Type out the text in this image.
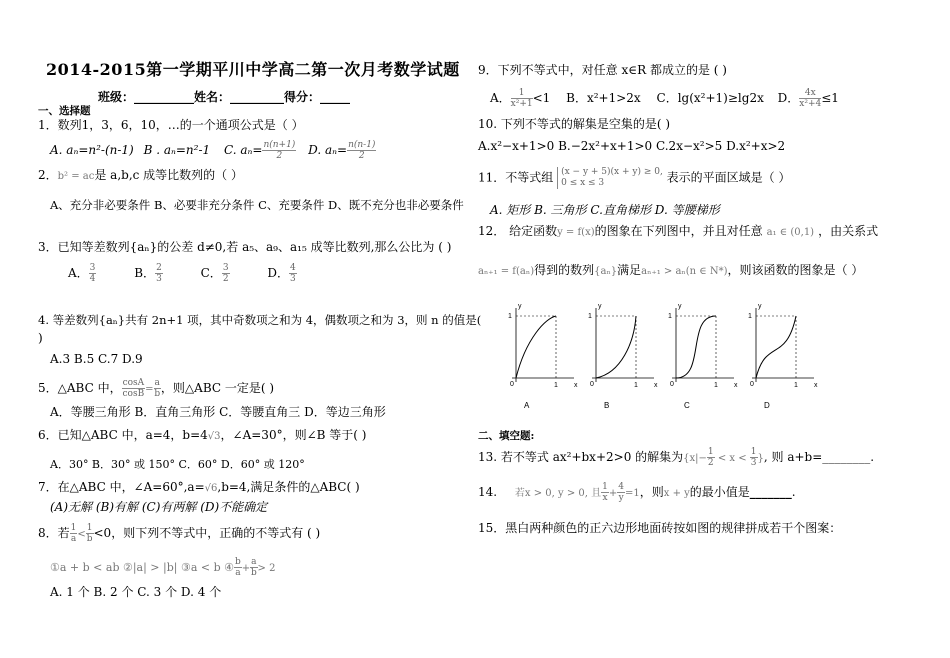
2014-2015第一学期平川中学高二第一次月考数学试题
班级：__________姓名：_________得分：_____
一、选择题
1．数列1，3，6，10，…的一个通项公式是（ ）
A. aₙ=n²-(n-1) B . aₙ=n²-1 C. $a_n= \frac{n(n+1)}{2} D$. $a_n= \frac{n(n-1)}{2}$
2．b² = ac是 a,b,c 成等比数列的（ ）
A、充分非必要条件 B、必要非充分条件 C、充要条件 D、既不充分也非必要条件
3．已知等差数列{aₙ}的公差 d≠0,若 a₅、a₉、a₁₅ 成等比数列,那么公比为 ( )
A． $\frac{3}{4}$	B． $\frac{2}{3}$	C． $\frac{3}{2}$	D． $\frac{4}{3}$
4. 等差数列{aₙ}共有 2n+1 项，其中奇数项之和为 4，偶数项之和为 3，则 n 的值是(
)
A.3 B.5 C.7 D.9
5．△ABC 中， $\frac{\cos A}{\cos B} = \frac{a}{b}$ ，则△ABC 一定是( )
A．等腰三角形 B．直角三角形 C．等腰直角三 D．等边三角形
6．已知△ABC 中，a=4，b=4√3，∠A=30°，则∠B 等于( )
A．30° B．30° 或 150° C．60° D．60° 或 120°
7．在△ABC 中，∠A=60°,a=√6,b=4,满足条件的△ABC( )
(A)无解 (B)有解 (C)有两解 (D)不能确定
8．若 $\frac{1}{a} < \frac{1}{b} <0$，则下列不等式中，正确的不等式有 ( )
①a + b < ab ②|a| > |b| ③a < b ④ $\frac{b}{a} + \frac{a}{b} > 2$
A. 1 个 B. 2 个 C. 3 个 D. 4 个
9．下列不等式中，对任意 x∈R 都成立的是 ( )
A． $\frac{1}{\text{x²+1}} <1$ B．x²+1>2x C．lg(x²+1)≥lg2x D． $\frac{4x}{\text{x²+4}} \le 1$
10. 下列不等式的解集是空集的是( )
A.x²−x+1>0 B.−2x²+x+1>0 C.2x−x²>5 D.x²+x>2
11．不等式组 (x − y + 5)(x + y) ≥ 0,
0 ≤ x ≤ 3	表示的平面区域是（ ）
A. 矩形 B. 三角形 C.直角梯形 D. 等腰梯形
12． 给定函数y = f(x)的图象在下列图中，并且对任意 a₁ ∈ (0,1) ，由关系式
aₙ₊₁ = f(aₙ)得到的数列{aₙ}满足aₙ₊₁ > aₙ(n ∈ N*)，则该函数的图象是（ ）
y
x
1
1
0
A
y
x
1
1
0
B
y
x
1
1
0
C
y
x
1
1
0
D
二、填空题:
13. 若不等式 ax²+bx+2>0 的解集为{$x|- \frac{1}{2} < x < \frac{1}{3}$ }, 则 a+b=________.
14. 若x > 0, y > 0, 且 $\frac{1}{x} + \frac{4}{y} =1$，则x + y的最小值是_______.
15．黑白两种颜色的正六边形地面砖按如图的规律拼成若干个图案：
